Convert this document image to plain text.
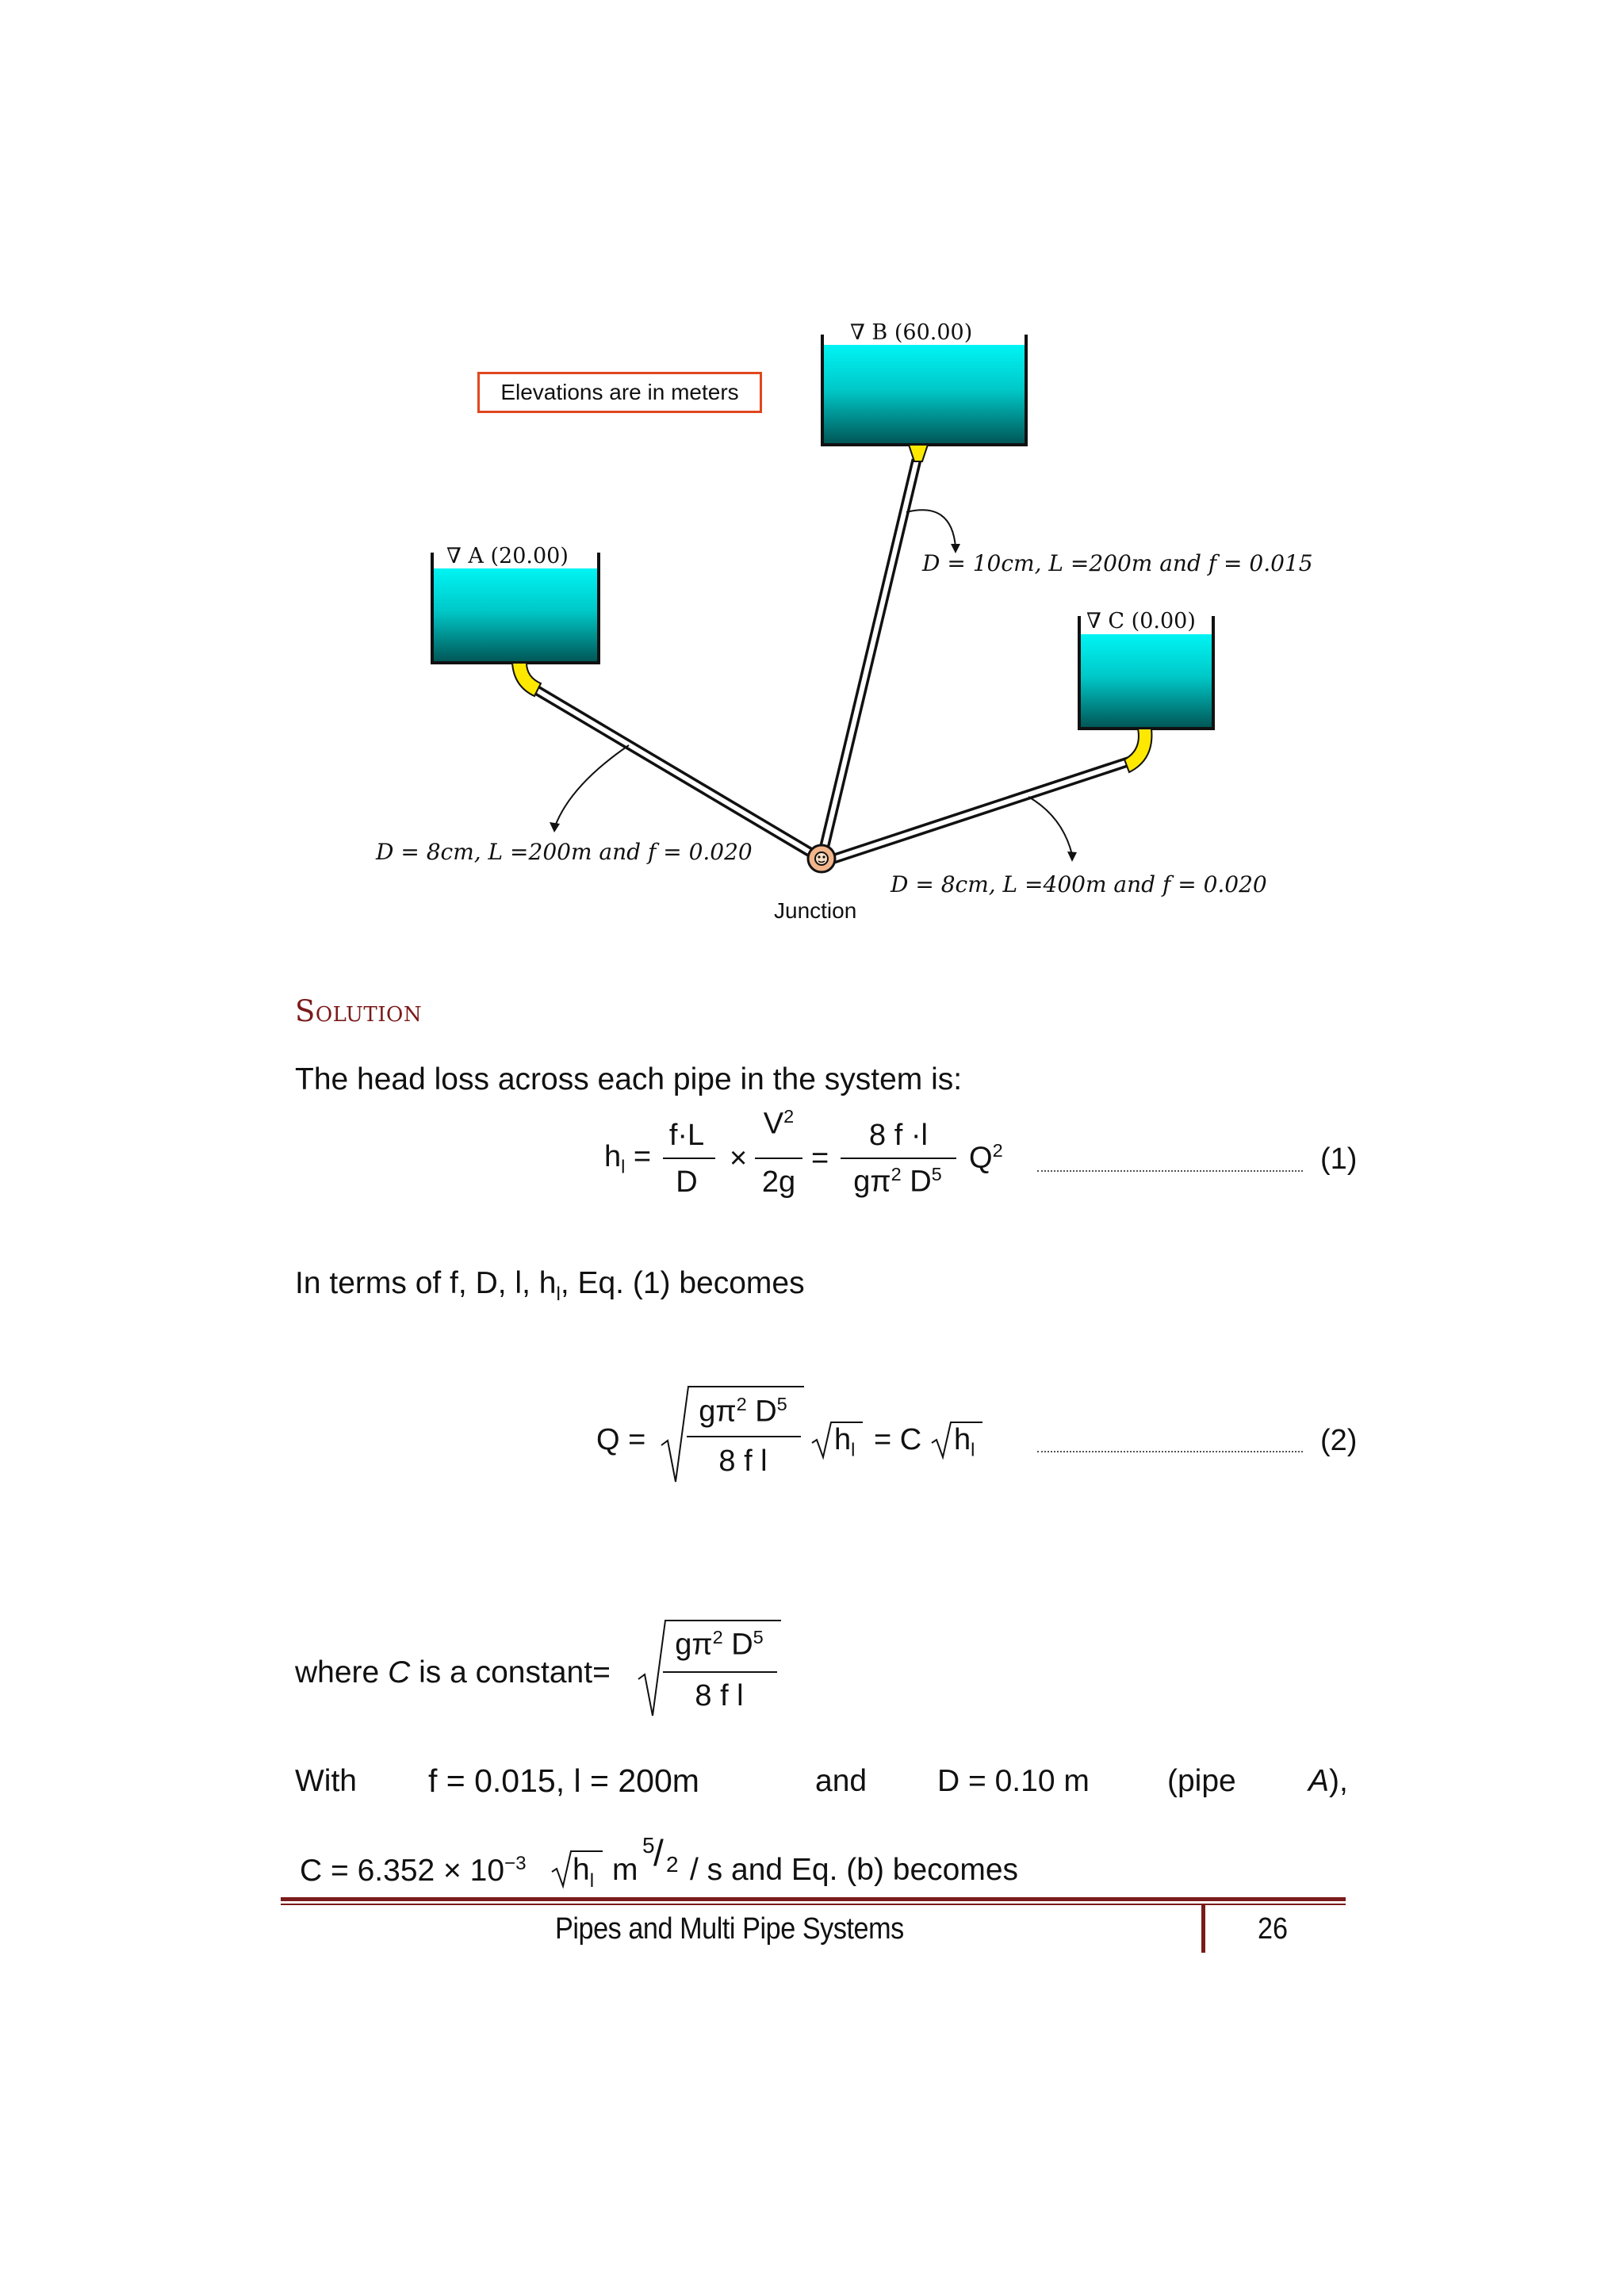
Elevations are in meters
∇ B (60.00)
∇ A (20.00)
∇ C (0.00)
D = 10cm, L =200m and f = 0.015
D = 8cm, L =200m and f = 0.020
D = 8cm, L =400m and f = 0.020
Junction
Solution
The head loss across each pipe in the system is:
$h_l$ =
f·L
D
×
$V^2$
2g
=
8 f ·l
$g\pi^2$ $D^5$ $Q^2$	(1)
In terms of f, D, l, $h_l$, Eq. (1) becomes
Q =
$g\pi^2$ $D^5$
8 f l
$h_l = C$ $h_l$	(2)
where C is a constant=
$g\pi^2$ $D^5$
8 f l
With f = 0.015, l = 200m	and D = 0.10 m	(pipe A),
$C = 6.352 \times 10^{-3}$ $h_l$ m
5
/ 2 / s and Eq. (b) becomes
Pipes and Multi Pipe Systems	26
